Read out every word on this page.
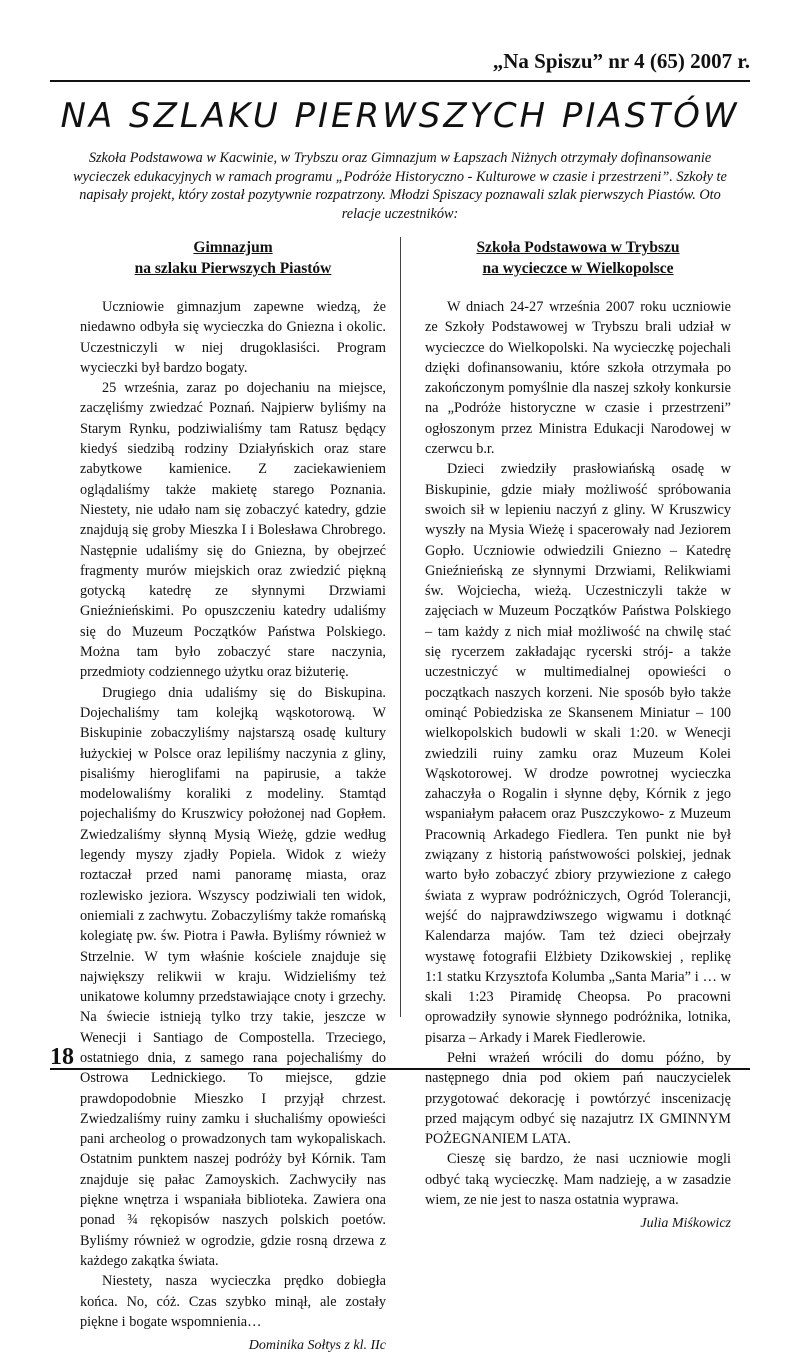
„Na Spiszu” nr 4 (65) 2007 r.
NA SZLAKU PIERWSZYCH PIASTÓW
Szkoła Podstawowa w Kacwinie, w Trybszu oraz Gimnazjum w Łapszach Niżnych otrzymały dofinansowanie wycieczek edukacyjnych w ramach programu „Podróże Historyczno - Kulturowe w czasie i przestrzeni”. Szkoły te napisały projekt, który został pozytywnie rozpatrzony. Młodzi Spiszacy poznawali szlak pierwszych Piastów. Oto relacje uczestników:
Gimnazjum
na szlaku Pierwszych Piastów

Uczniowie gimnazjum zapewne wiedzą, że niedawno odbyła się wycieczka do Gniezna i okolic. Uczestniczyli w niej drugoklasiści. Program wycieczki był bardzo bogaty.

25 września, zaraz po dojechaniu na miejsce, zaczęliśmy zwiedzać Poznań. Najpierw byliśmy na Starym Rynku, podziwialiśmy tam Ratusz będący kiedyś siedzibą rodziny Działyńskich oraz stare zabytkowe kamienice. Z zaciekawieniem oglądaliśmy także makietę starego Poznania. Niestety, nie udało nam się zobaczyć katedry, gdzie znajdują się groby Mieszka I i Bolesława Chrobrego. Następnie udaliśmy się do Gniezna, by obejrzeć fragmenty murów miejskich oraz zwiedzić piękną gotycką katedrę ze słynnymi Drzwiami Gnieźnieńskimi. Po opuszczeniu katedry udaliśmy się do Muzeum Początków Państwa Polskiego. Można tam było zobaczyć stare naczynia, przedmioty codziennego użytku oraz biżuterię.

Drugiego dnia udaliśmy się do Biskupina. Dojechaliśmy tam kolejką wąskotorową. W Biskupinie zobaczyliśmy najstarszą osadę kultury łużyckiej w Polsce oraz lepiliśmy naczynia z gliny, pisaliśmy hieroglifami na papirusie, a także modelowaliśmy koraliki z modeliny. Stamtąd pojechaliśmy do Kruszwicy położonej nad Gopłem. Zwiedzaliśmy słynną Mysią Wieżę, gdzie według legendy myszy zjadły Popiela. Widok z wieży roztaczał przed nami panoramę miasta, oraz rozlewisko jeziora. Wszyscy podziwiali ten widok, oniemiali z zachwytu. Zobaczyliśmy także romańską kolegiatę pw. św. Piotra i Pawła. Byliśmy również w Strzelnie. W tym właśnie kościele znajduje się największy relikwii w kraju. Widzieliśmy też unikatowe kolumny przedstawiające cnoty i grzechy. Na świecie istnieją tylko trzy takie, jeszcze w Wenecji i Santiago de Compostella. Trzeciego, ostatniego dnia, z samego rana pojechaliśmy do Ostrowa Lednickiego. To miejsce, gdzie prawdopodobnie Mieszko I przyjął chrzest. Zwiedzaliśmy ruiny zamku i słuchaliśmy opowieści pani archeolog o prowadzonych tam wykopaliskach. Ostatnim punktem naszej podróży był Kórnik. Tam znajduje się pałac Zamoyskich. Zachwyciły nas piękne wnętrza i wspaniała biblioteka. Zawiera ona ponad ¾ rękopisów naszych polskich poetów. Byliśmy również w ogrodzie, gdzie rosną drzewa z każdego zakątka świata.

Niestety, nasza wycieczka prędko dobiegła końca. No, cóż. Czas szybko minął, ale zostały piękne i bogate wspomnienia…

Dominika Sołtys z kl. IIc

Szkoła Podstawowa w Trybszu
na wycieczce w Wielkopolsce

W dniach 24-27 września 2007 roku uczniowie ze Szkoły Podstawowej w Trybszu brali udział w wycieczce do Wielkopolski. Na wycieczkę pojechali dzięki dofinansowaniu, które szkoła otrzymała po zakończonym pomyślnie dla naszej szkoły konkursie na „Podróże historyczne w czasie i przestrzeni” ogłoszonym przez Ministra Edukacji Narodowej w czerwcu b.r.

Dzieci zwiedziły prasłowiańską osadę w Biskupinie, gdzie miały możliwość spróbowania swoich sił w lepieniu naczyń z gliny. W Kruszwicy wyszły na Mysia Wieżę i spacerowały nad Jeziorem Gopło. Uczniowie odwiedzili Gniezno – Katedrę Gnieźnieńską ze słynnymi Drzwiami, Relikwiami św. Wojciecha, wieżą. Uczestniczyli także w zajęciach w Muzeum Początków Państwa Polskiego – tam każdy z nich miał możliwość na chwilę stać się rycerzem zakładając rycerski strój- a także uczestniczyć w multimedialnej opowieści o początkach naszych korzeni. Nie sposób było także ominąć Pobiedziska ze Skansenem Miniatur – 100 wielkopolskich budowli w skali 1:20. w Wenecji zwiedzili ruiny zamku oraz Muzeum Kolei Wąskotorowej. W drodze powrotnej wycieczka zahaczyła o Rogalin i słynne dęby, Kórnik z jego wspaniałym pałacem oraz Puszczykowo- z Muzeum Pracownią Arkadego Fiedlera. Ten punkt nie był związany z historią państwowości polskiej, jednak warto było zobaczyć zbiory przywiezione z całego świata z wypraw podróżniczych, Ogród Tolerancji, wejść do najprawdziwszego wigwamu i dotknąć Kalendarza majów. Tam też dzieci obejrzały wystawę fotografii Elżbiety Dzikowskiej , replikę 1:1 statku Krzysztofa Kolumba „Santa Maria” i … w skali 1:23 Piramidę Cheopsa. Po pracowni oprowadziły synowie słynnego podróżnika, lotnika, pisarza – Arkady i Marek Fiedlerowie.

Pełni wrażeń wrócili do domu późno, by następnego dnia pod okiem pań nauczycielek przygotować dekorację i powtórzyć inscenizację przed mającym odbyć się nazajutrz IX GMINNYM POŻEGNANIEM LATA.

Cieszę się bardzo, że nasi uczniowie mogli odbyć taką wycieczkę. Mam nadzieję, a w zasadzie wiem, ze nie jest to nasza ostatnia wyprawa.

Julia Miśkowicz

18
